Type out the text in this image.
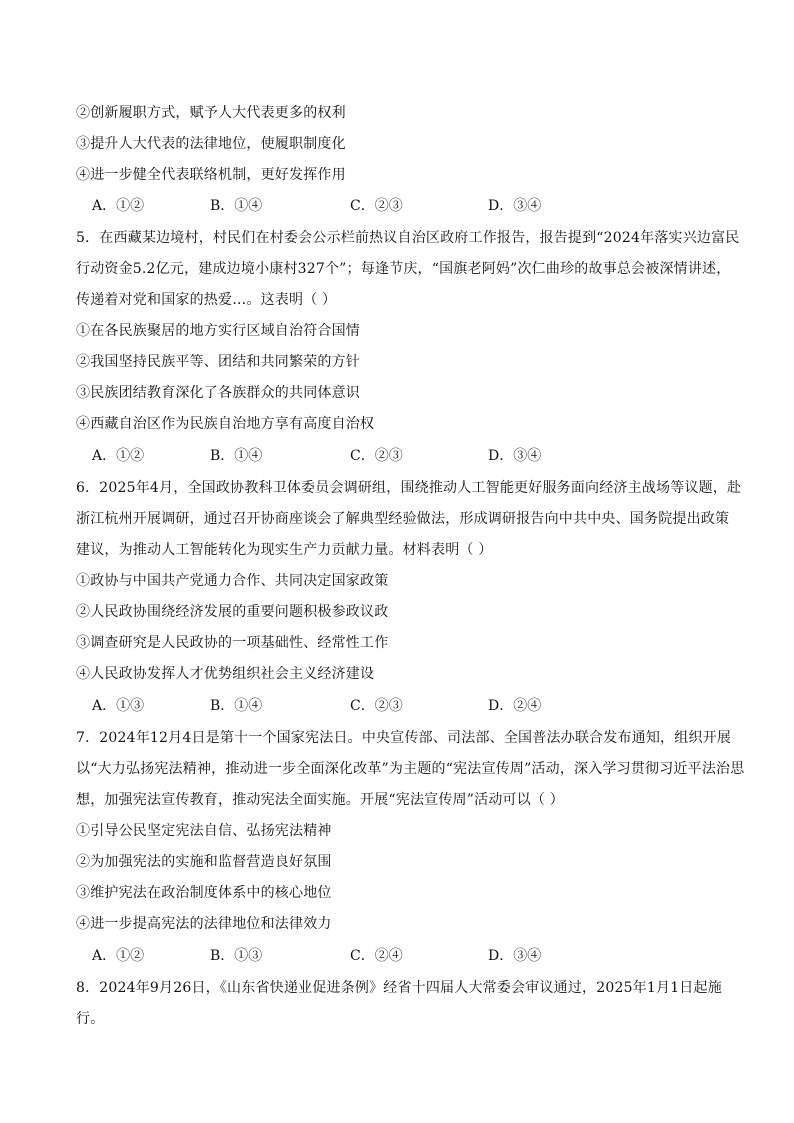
②创新履职方式，赋予人大代表更多的权利
③提升人大代表的法律地位，使履职制度化
④进一步健全代表联络机制，更好发挥作用
A．①②	B．①④	C．②③	D．③④
5．在西藏某边境村，村民们在村委会公示栏前热议自治区政府工作报告，报告提到“2024年落实兴边富民
行动资金5.2亿元，建成边境小康村327个”；每逢节庆，“国旗老阿妈”次仁曲珍的故事总会被深情讲述，
传递着对党和国家的热爱…。这表明（ ）
①在各民族聚居的地方实行区域自治符合国情
②我国坚持民族平等、团结和共同繁荣的方针
③民族团结教育深化了各族群众的共同体意识
④西藏自治区作为民族自治地方享有高度自治权
A．①②	B．①④	C．②③	D．③④
6．2025年4月，全国政协教科卫体委员会调研组，围绕推动人工智能更好服务面向经济主战场等议题，赴
浙江杭州开展调研，通过召开协商座谈会了解典型经验做法，形成调研报告向中共中央、国务院提出政策
建议，为推动人工智能转化为现实生产力贡献力量。材料表明（ ）
①政协与中国共产党通力合作、共同决定国家政策
②人民政协围绕经济发展的重要问题积极参政议政
③调查研究是人民政协的一项基础性、经常性工作
④人民政协发挥人才优势组织社会主义经济建设
A．①③	B．①④	C．②③	D．②④
7．2024年12月4日是第十一个国家宪法日。中央宣传部、司法部、全国普法办联合发布通知，组织开展
以“大力弘扬宪法精神，推动进一步全面深化改革”为主题的“宪法宣传周”活动，深入学习贯彻习近平法治思
想，加强宪法宣传教育，推动宪法全面实施。开展“宪法宣传周”活动可以（ ）
①引导公民坚定宪法自信、弘扬宪法精神
②为加强宪法的实施和监督营造良好氛围
③维护宪法在政治制度体系中的核心地位
④进一步提高宪法的法律地位和法律效力
A．①②	B．①③	C．②④	D．③④
8．2024年9月26日，《山东省快递业促进条例》经省十四届人大常委会审议通过，2025年1月1日起施
行。
